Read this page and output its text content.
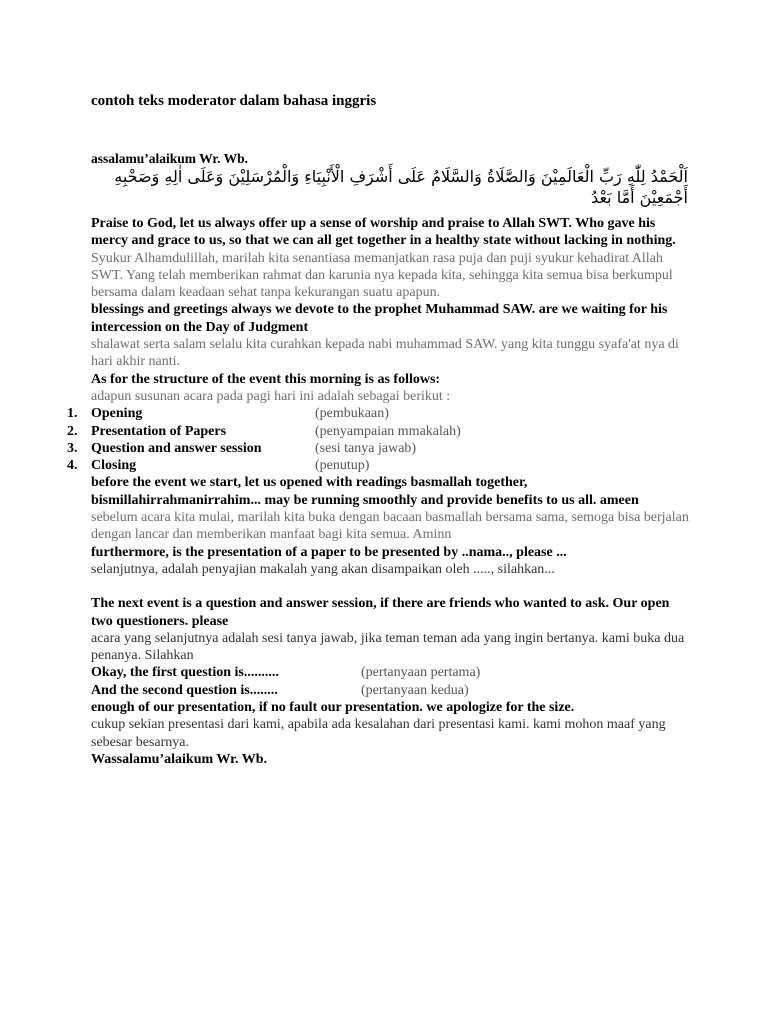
contoh teks moderator dalam bahasa inggris
assalamu’alaikum Wr. Wb.
اَلْحَمْدُ لِلّٰهِ رَبِّ الْعَالَمِيْنَ وَالصَّلَاةُ وَالسَّلَامُ عَلَى أَشْرَفِ الْأَنْبِيَاءِ وَالْمُرْسَلِيْنَ وَعَلَى اٰلِهِ وَصَحْبِهِ أَجْمَعِيْنَ أَمَّا بَعْدُ

Praise to God, let us always offer up a sense of worship and praise to Allah SWT. Who gave his mercy and grace to us, so that we can all get together in a healthy state without lacking in nothing.

Syukur Alhamdulillah, marilah kita senantiasa memanjatkan rasa puja dan puji syukur kehadirat Allah SWT. Yang telah memberikan rahmat dan karunia nya kepada kita, sehingga kita semua bisa berkumpul bersama dalam keadaan sehat tanpa kekurangan suatu apapun.

blessings and greetings always we devote to the prophet Muhammad SAW. are we waiting for his intercession on the Day of Judgment

shalawat serta salam selalu kita curahkan kepada nabi muhammad SAW. yang kita tunggu syafa'at nya di hari akhir nanti.

As for the structure of the event this morning is as follows:

adapun susunan acara pada pagi hari ini adalah sebagai berikut :

1. Opening	(pembukaan)
2. Presentation of Papers	(penyampaian mmakalah)
3. Question and answer session	(sesi tanya jawab)
4. Closing	(penutup)

before the event we start, let us opened with readings basmallah together, bismillahirrahmanirrahim... may be running smoothly and provide benefits to us all. ameen

sebelum acara kita mulai, marilah kita buka dengan bacaan basmallah bersama sama, semoga bisa berjalan dengan lancar dan memberikan manfaat bagi kita semua. Aminn

furthermore, is the presentation of a paper to be presented by ..nama.., please ...

selanjutnya, adalah penyajian makalah yang akan disampaikan oleh ....., silahkan...

The next event is a question and answer session, if there are friends who wanted to ask. Our open two questioners. please

acara yang selanjutnya adalah sesi tanya jawab, jika teman teman ada yang ingin bertanya. kami buka dua penanya. Silahkan

Okay, the first question is..........	(pertanyaan pertama)
And the second question is........	(pertanyaan kedua)

enough of our presentation, if no fault our presentation. we apologize for the size.

cukup sekian presentasi dari kami, apabila ada kesalahan dari presentasi kami. kami mohon maaf yang sebesar besarnya.

Wassalamu’alaikum Wr. Wb.
